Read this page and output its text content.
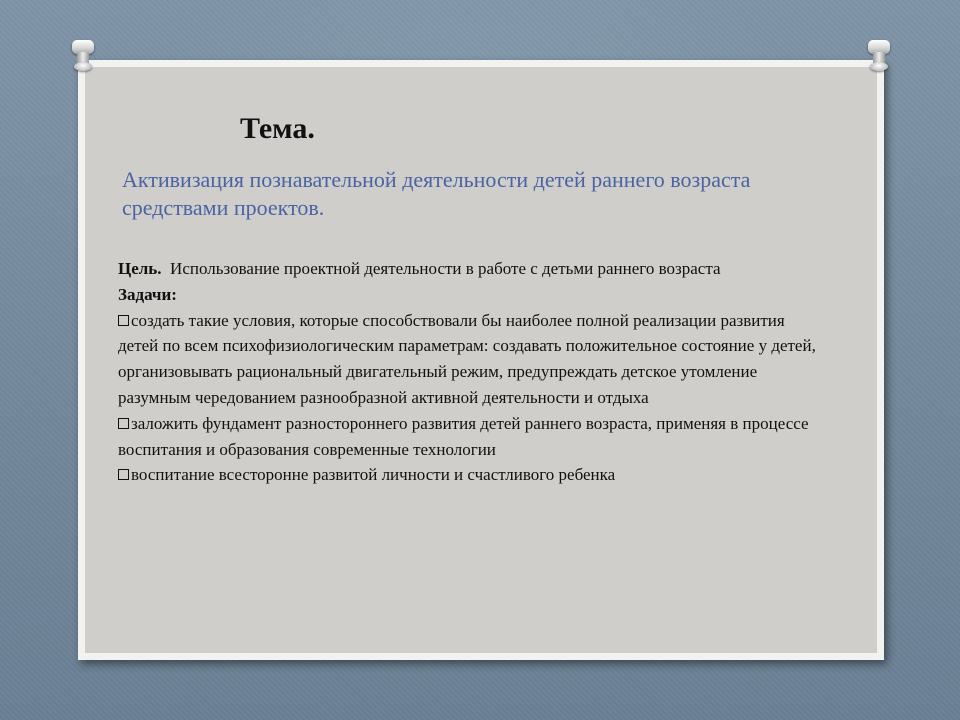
Тема.

Активизация познавательной деятельности детей раннего возраста средствами проектов.

Цель. Использование проектной деятельности в работе с детьми раннего возраста

Задачи:

создать такие условия, которые способствовали бы наиболее полной реализации развития детей по всем психофизиологическим параметрам: создавать положительное состояние у детей, организовывать рациональный двигательный режим, предупреждать детское утомление разумным чередованием разнообразной активной деятельности и отдыха

заложить фундамент разностороннего развития детей раннего возраста, применяя в процессе воспитания и образования современные технологии

воспитание всесторонне развитой личности и счастливого ребенка
